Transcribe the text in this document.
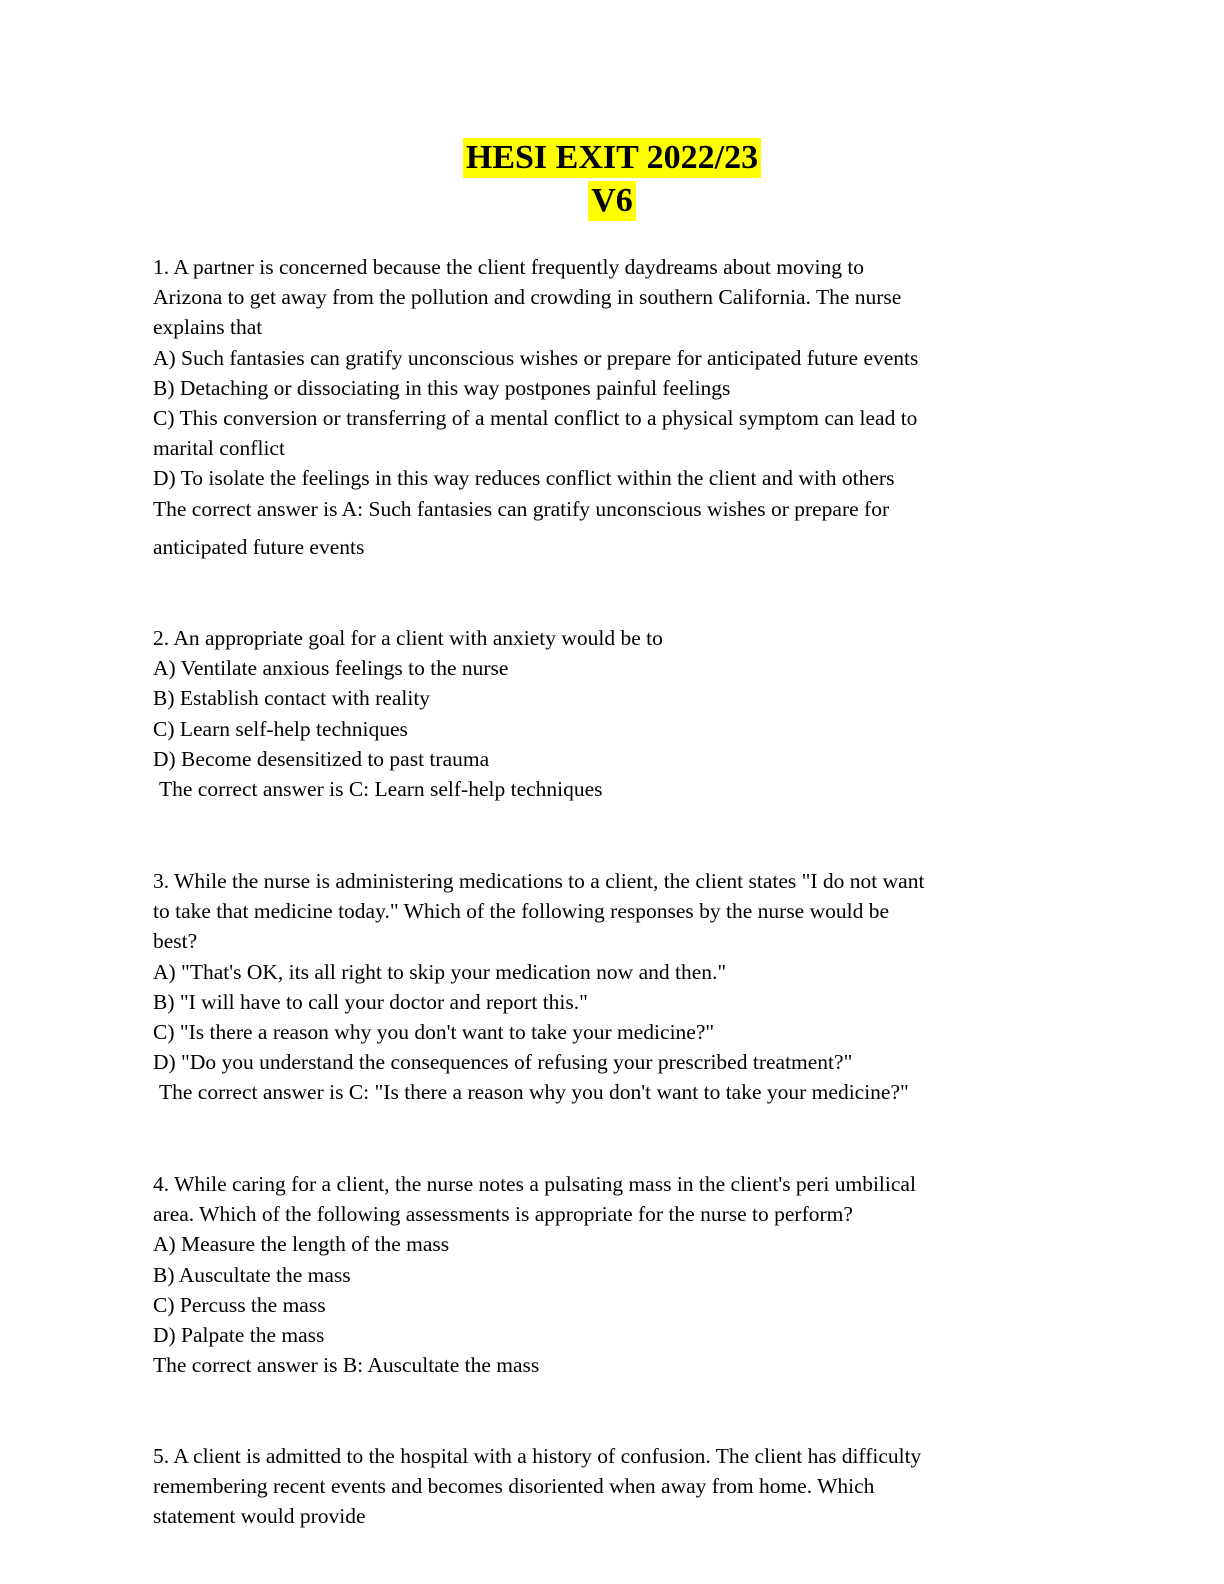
HESI EXIT 2022/23
V6
1. A partner is concerned because the client frequently daydreams about moving to
Arizona to get away from the pollution and crowding in southern California. The nurse
explains that
A) Such fantasies can gratify unconscious wishes or prepare for anticipated future events
B) Detaching or dissociating in this way postpones painful feelings
C) This conversion or transferring of a mental conflict to a physical symptom can lead to
marital conflict
D) To isolate the feelings in this way reduces conflict within the client and with others
The correct answer is A: Such fantasies can gratify unconscious wishes or prepare for
anticipated future events
2. An appropriate goal for a client with anxiety would be to
A) Ventilate anxious feelings to the nurse
B) Establish contact with reality
C) Learn self-help techniques
D) Become desensitized to past trauma
The correct answer is C: Learn self-help techniques
3. While the nurse is administering medications to a client, the client states "I do not want
to take that medicine today." Which of the following responses by the nurse would be
best?
A) "That's OK, its all right to skip your medication now and then."
B) "I will have to call your doctor and report this."
C) "Is there a reason why you don't want to take your medicine?"
D) "Do you understand the consequences of refusing your prescribed treatment?"
The correct answer is C: "Is there a reason why you don't want to take your medicine?"
4. While caring for a client, the nurse notes a pulsating mass in the client's peri umbilical
area. Which of the following assessments is appropriate for the nurse to perform?
A) Measure the length of the mass
B) Auscultate the mass
C) Percuss the mass
D) Palpate the mass
The correct answer is B: Auscultate the mass
5. A client is admitted to the hospital with a history of confusion. The client has difficulty
remembering recent events and becomes disoriented when away from home. Which
statement would provide
